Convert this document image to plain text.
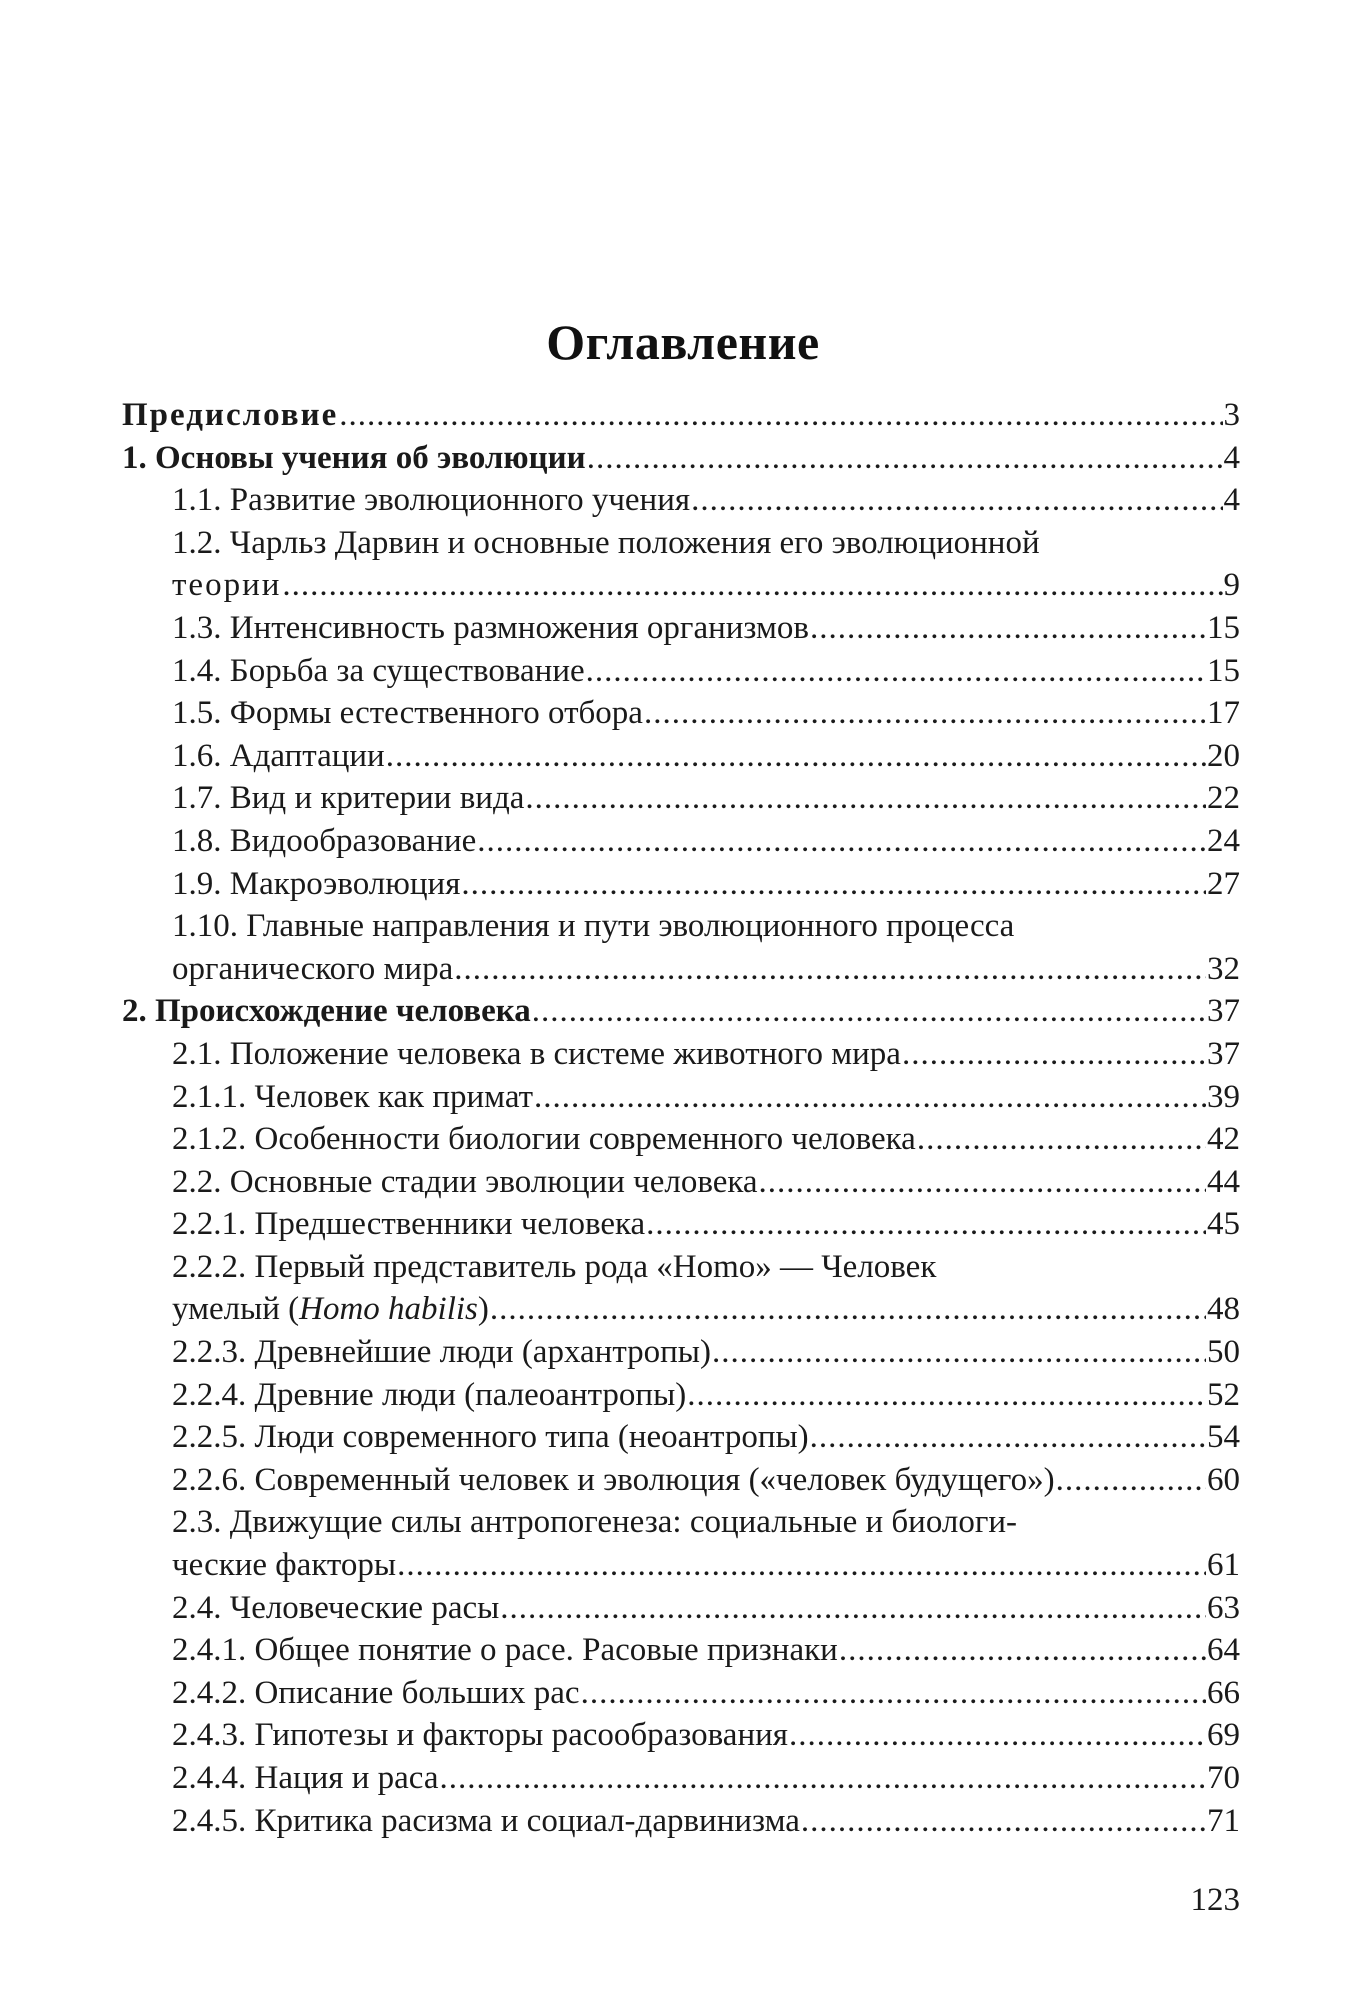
Оглавление
Предисловие .....	3
1. Основы учения об эволюции .....	4
1.1. Развитие эволюционного учения .....	4
1.2. Чарльз Дарвин и основные положения его эволюционной
теории .....	9
1.3. Интенсивность размножения организмов .....	15
1.4. Борьба за существование .....	15
1.5. Формы естественного отбора .....	17
1.6. Адаптации .....	20
1.7. Вид и критерии вида .....	22
1.8. Видообразование .....	24
1.9. Макроэволюция .....	27
1.10. Главные направления и пути эволюционного процесса
органического мира .....	32
2. Происхождение человека .....	37
2.1. Положение человека в системе животного мира .....	37
2.1.1. Человек как примат .....	39
2.1.2. Особенности биологии современного человека .....	42
2.2. Основные стадии эволюции человека .....	44
2.2.1. Предшественники человека .....	45
2.2.2. Первый представитель рода «Homo» — Человек
умелый (Homo habilis) .....	48
2.2.3. Древнейшие люди (архантропы) .....	50
2.2.4. Древние люди (палеоантропы) .....	52
2.2.5. Люди современного типа (неоантропы) .....	54
2.2.6. Современный человек и эволюция («человек будущего») .....	60
2.3. Движущие силы антропогенеза: социальные и биологи-
ческие факторы .....	61
2.4. Человеческие расы .....	63
2.4.1. Общее понятие о расе. Расовые признаки .....	64
2.4.2. Описание больших рас .....	66
2.4.3. Гипотезы и факторы расообразования .....	69
2.4.4. Нация и раса .....	70
2.4.5. Критика расизма и социал-дарвинизма .....	71
123
